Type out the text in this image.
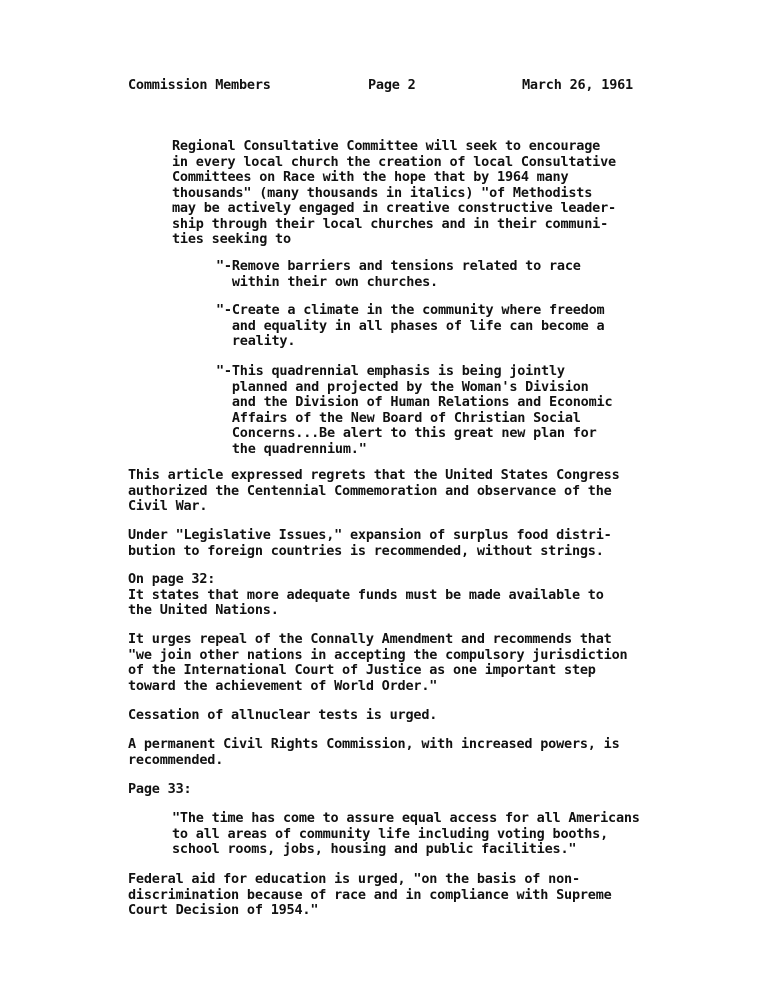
Commission Members	Page 2	March 26, 1961
Regional Consultative Committee will seek to encourage
in every local church the creation of local Consultative
Committees on Race with the hope that by 1964 many
thousands" (many thousands in italics) "of Methodists
may be actively engaged in creative constructive leader-
ship through their local churches and in their communi-
ties seeking to
"-Remove barriers and tensions related to race
within their own churches.
"-Create a climate in the community where freedom
and equality in all phases of life can become a
reality.
"-This quadrennial emphasis is being jointly
planned and projected by the Woman's Division
and the Division of Human Relations and Economic
Affairs of the New Board of Christian Social
Concerns...Be alert to this great new plan for
the quadrennium."
This article expressed regrets that the United States Congress
authorized the Centennial Commemoration and observance of the
Civil War.
Under "Legislative Issues," expansion of surplus food distri-
bution to foreign countries is recommended, without strings.
On page 32:
It states that more adequate funds must be made available to
the United Nations.
It urges repeal of the Connally Amendment and recommends that
"we join other nations in accepting the compulsory jurisdiction
of the International Court of Justice as one important step
toward the achievement of World Order."
Cessation of allnuclear tests is urged.
A permanent Civil Rights Commission, with increased powers, is
recommended.
Page 33:
"The time has come to assure equal access for all Americans
to all areas of community life including voting booths,
school rooms, jobs, housing and public facilities."
Federal aid for education is urged, "on the basis of non-
discrimination because of race and in compliance with Supreme
Court Decision of 1954."
